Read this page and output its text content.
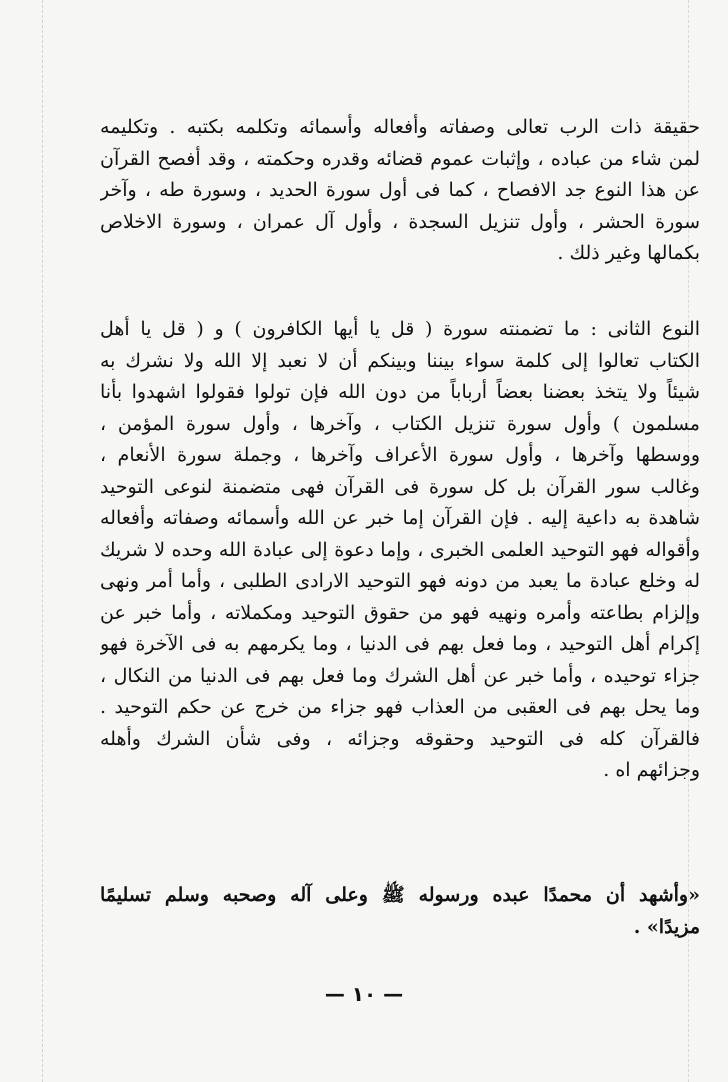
حقيقة ذات الرب تعالى وصفاته وأفعاله وأسمائه وتكلمه بكتبه . وتكليمه
لمن شاء من عباده ، وإثبات عموم قضائه وقدره وحكمته ، وقد أفصح القرآن
عن هذا النوع جد الافصاح ، كما فى أول سورة الحديد ، وسورة طه ، وآخر
سورة الحشر ، وأول تنزيل السجدة ، وأول آل عمران ، وسورة الاخلاص
بكمالها وغير ذلك .
النوع الثانى : ما تضمنته سورة ( قل يا أيها الكافرون ) و ( قل يا أهل
الكتاب تعالوا إلى كلمة سواء بيننا وبينكم أن لا نعبد إلا الله ولا نشرك به
شيئاً ولا يتخذ بعضنا بعضاً أرباباً من دون الله فإن تولوا فقولوا اشهدوا بأنا
مسلمون ) وأول سورة تنزيل الكتاب ، وآخرها ، وأول سورة المؤمن ،
ووسطها وآخرها ، وأول سورة الأعراف وآخرها ، وجملة سورة الأنعام ،
وغالب سور القرآن بل كل سورة فى القرآن فهى متضمنة لنوعى التوحيد
شاهدة به داعية إليه . فإن القرآن إما خبر عن الله وأسمائه وصفاته وأفعاله
وأقواله فهو التوحيد العلمى الخبرى ، وإما دعوة إلى عبادة الله وحده لا شريك
له وخلع عبادة ما يعبد من دونه فهو التوحيد الارادى الطلبى ، وأما أمر ونهى
وإلزام بطاعته وأمره ونهيه فهو من حقوق التوحيد ومكملاته ، وأما خبر عن
إكرام أهل التوحيد ، وما فعل بهم فى الدنيا ، وما يكرمهم به فى الآخرة فهو
جزاء توحيده ، وأما خبر عن أهل الشرك وما فعل بهم فى الدنيا من النكال ،
وما يحل بهم فى العقبى من العذاب فهو جزاء من خرج عن حكم التوحيد .
فالقرآن كله فى التوحيد وحقوقه وجزائه ، وفى شأن الشرك وأهله
وجزائهم اه .
«وأشهد أن محمدًا عبده ورسوله ﷺ وعلى آله وصحبه وسلم تسليمًا
مزيدًا» .
— ١٠ —
